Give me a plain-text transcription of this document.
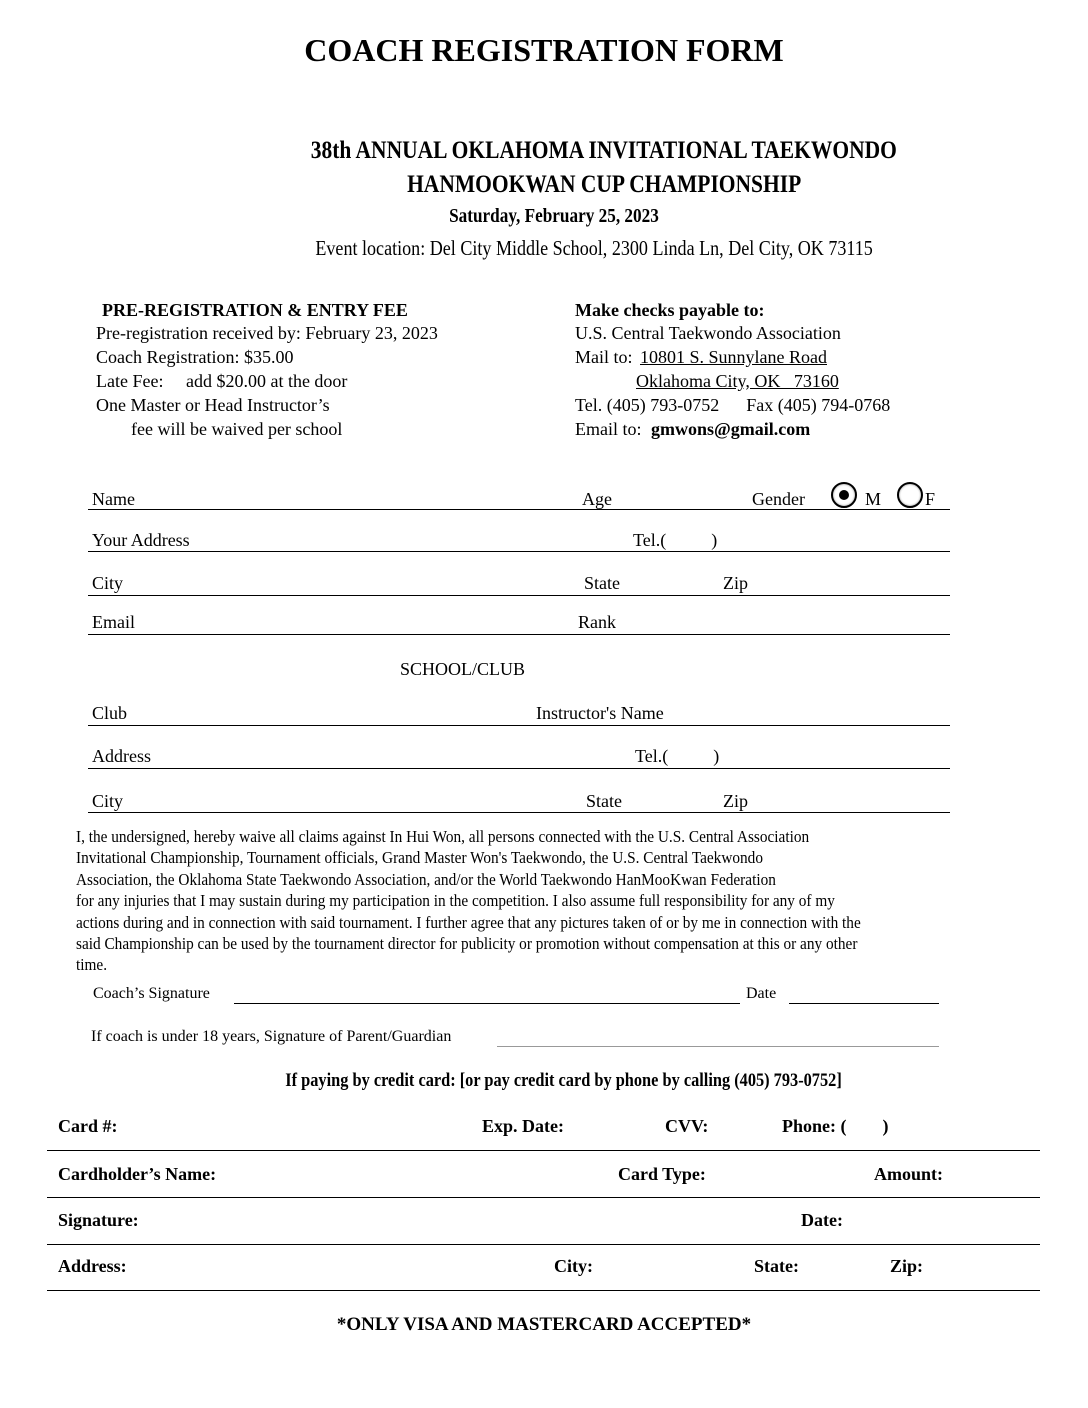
COACH REGISTRATION FORM
38th ANNUAL OKLAHOMA INVITATIONAL TAEKWONDO
HANMOOKWAN CUP CHAMPIONSHIP
Saturday, February 25, 2023
Event location: Del City Middle School, 2300 Linda Ln, Del City, OK 73115
PRE-REGISTRATION & ENTRY FEE
Pre-registration received by: February 23, 2023
Coach Registration: $35.00
Late Fee:     add $20.00 at the door
One Master or Head Instructor’s
fee will be waived per school
Make checks payable to:
U.S. Central Taekwondo Association
Mail to: 10801 S. Sunnylane Road
Oklahoma City, OK   73160
Tel. (405) 793-0752      Fax (405) 794-0768
Email to: gmwons@gmail.com
Name	Age	Gender	M F
Your Address	Tel.(          )
City	State	Zip
Email	Rank
SCHOOL/CLUB
Club	Instructor's Name
Address	Tel.(          )
City	State	Zip
I, the undersigned, hereby waive all claims against In Hui Won, all persons connected with the U.S. Central Association
Invitational Championship, Tournament officials, Grand Master Won's Taekwondo, the U.S. Central Taekwondo
Association, the Oklahoma State Taekwondo Association, and/or the World Taekwondo HanMooKwan Federation
for any injuries that I may sustain during my participation in the competition. I also assume full responsibility for any of my
actions during and in connection with said tournament. I further agree that any pictures taken of or by me in connection with the
said Championship can be used by the tournament director for publicity or promotion without compensation at this or any other
time.
Coach’s Signature	Date
If coach is under 18 years, Signature of Parent/Guardian
If paying by credit card: [or pay credit card by phone by calling (405) 793-0752]
Card #:	Exp. Date:	CVV:	Phone: (        )
Cardholder’s Name:	Card Type:	Amount:
Signature:	Date:
Address:	City:	State:	Zip:
*ONLY VISA AND MASTERCARD ACCEPTED*
